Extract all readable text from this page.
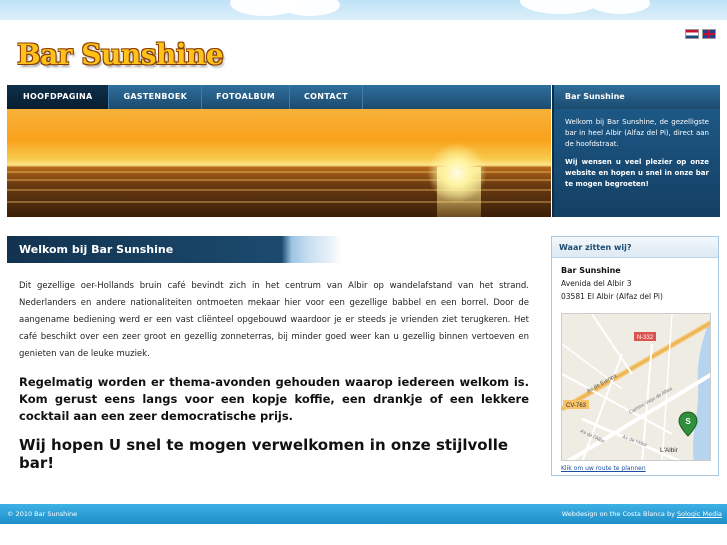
Bar Sunshine
HOOFDPAGINA	GASTENBOEK	FOTOALBUM	CONTACT	Bar Sunshine
Welkom bij Bar Sunshine, de gezelligste bar in heel Albir (Alfaz del Pi), direct aan de hoofdstraat.
Wij wensen u veel plezier op onze website en hopen u snel in onze bar te mogen begroeten!
Welkom bij Bar Sunshine

Dit gezellige oer-Hollands bruin café bevindt zich in het centrum van Albir op wandelafstand van het strand. Nederlanders en andere nationaliteiten ontmoeten mekaar hier voor een gezellige babbel en een borrel. Door de aangename bediening werd er een vast cliënteel opgebouwd waardoor je er steeds je vrienden ziet terugkeren. Het café beschikt over een zeer groot en gezellig zonneterras, bij minder goed weer kan u gezellig binnen vertoeven en genieten van de leuke muziek.

Regelmatig worden er thema-avonden gehouden waarop iedereen welkom is. Kom gerust eens langs voor een kopje koffie, een drankje of een lekkere cocktail aan een zeer democratische prijs.

Wij hopen U snel te mogen verwelkomen in onze stijlvolle bar!

Waar zitten wij?
Bar Sunshine
Avenida del Albir 3
03581 El Albir (Alfaz del Pi)
N-332
CV-763
Av de Europa
Camino Viejo de Altea
Av de l'Albir	Av de l'Albir
L'Albir
S
Klik om uw route te plannen
© 2010 Bar Sunshine	Webdesign on the Costa Blanca by Sologic Media
